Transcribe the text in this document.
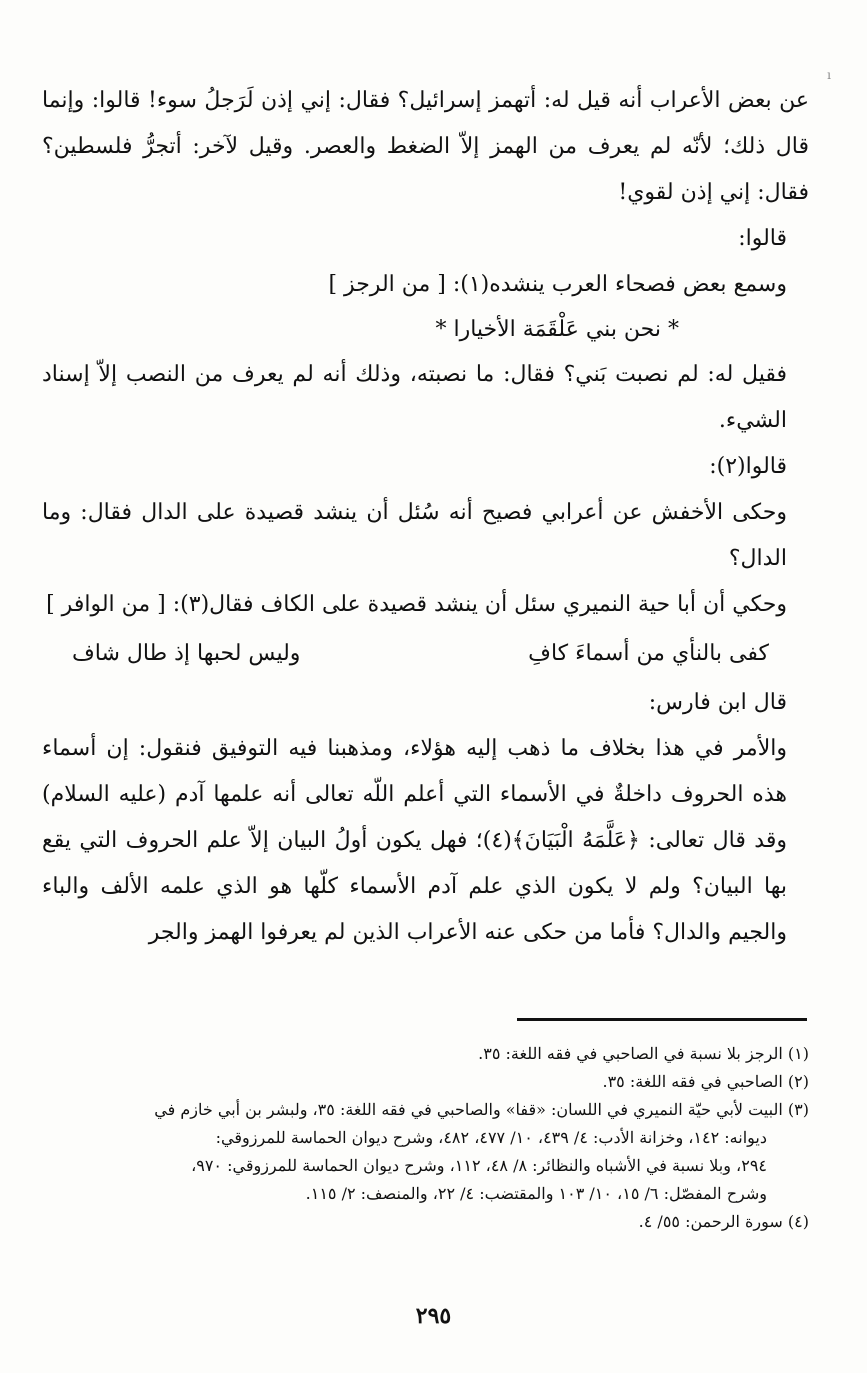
ı

عن بعض الأعراب أنه قيل له: أتهمز إسرائيل؟ فقال: إني إذن لَرَجلُ سوء! قالوا: وإنما قال ذلك؛ لأنّه لم يعرف من الهمز إلاّ الضغط والعصر. وقيل لآخر: أتجرُّ فلسطين؟ فقال: إني إذن لقوي!

قالوا:

وسمع بعض فصحاء العرب ينشده(١): [ من الرجز ]

* نحن بني عَلْقَمَة الأخيارا *

فقيل له: لم نصبت بَني؟ فقال: ما نصبته، وذلك أنه لم يعرف من النصب إلاّ إسناد الشيء.

قالوا(٢):

وحكى الأخفش عن أعرابي فصيح أنه سُئل أن ينشد قصيدة على الدال فقال: وما الدال؟

وحكي أن أبا حية النميري سئل أن ينشد قصيدة على الكاف فقال(٣): [ من الوافر ]

كفى بالنأي من أسماءَ كافِ
وليس لحبها إذ طال شاف

قال ابن فارس:

والأمر في هذا بخلاف ما ذهب إليه هؤلاء، ومذهبنا فيه التوفيق فنقول: إن أسماء هذه الحروف داخلةٌ في الأسماء التي أعلم اللّه تعالى أنه علمها آدم (عليه السلام) وقد قال تعالى: ﴿عَلَّمَهُ الْبَيَانَ﴾(٤)؛ فهل يكون أولُ البيان إلاّ علم الحروف التي يقع بها البيان؟ ولم لا يكون الذي علم آدم الأسماء كلّها هو الذي علمه الألف والباء والجيم والدال؟ فأما من حكى عنه الأعراب الذين لم يعرفوا الهمز والجر

(١) الرجز بلا نسبة في الصاحبي في فقه اللغة: ٣٥.

(٢) الصاحبي في فقه اللغة: ٣٥.

(٣) البيت لأبي حيّة النميري في اللسان: «قفا» والصاحبي في فقه اللغة: ٣٥، ولبشر بن أبي خازم في

ديوانه: ١٤٢، وخزانة الأدب: ٤/ ٤٣٩، ١٠/ ٤٧٧، ٤٨٢، وشرح ديوان الحماسة للمرزوقي:

٢٩٤، وبلا نسبة في الأشباه والنظائر: ٨/ ٤٨، ١١٢، وشرح ديوان الحماسة للمرزوقي: ٩٧٠،

وشرح المفصّل: ٦/ ١٥، ١٠/ ١٠٣ والمقتضب: ٤/ ٢٢، والمنصف: ٢/ ١١٥.

(٤) سورة الرحمن: ٥٥/ ٤.

٢٩٥
